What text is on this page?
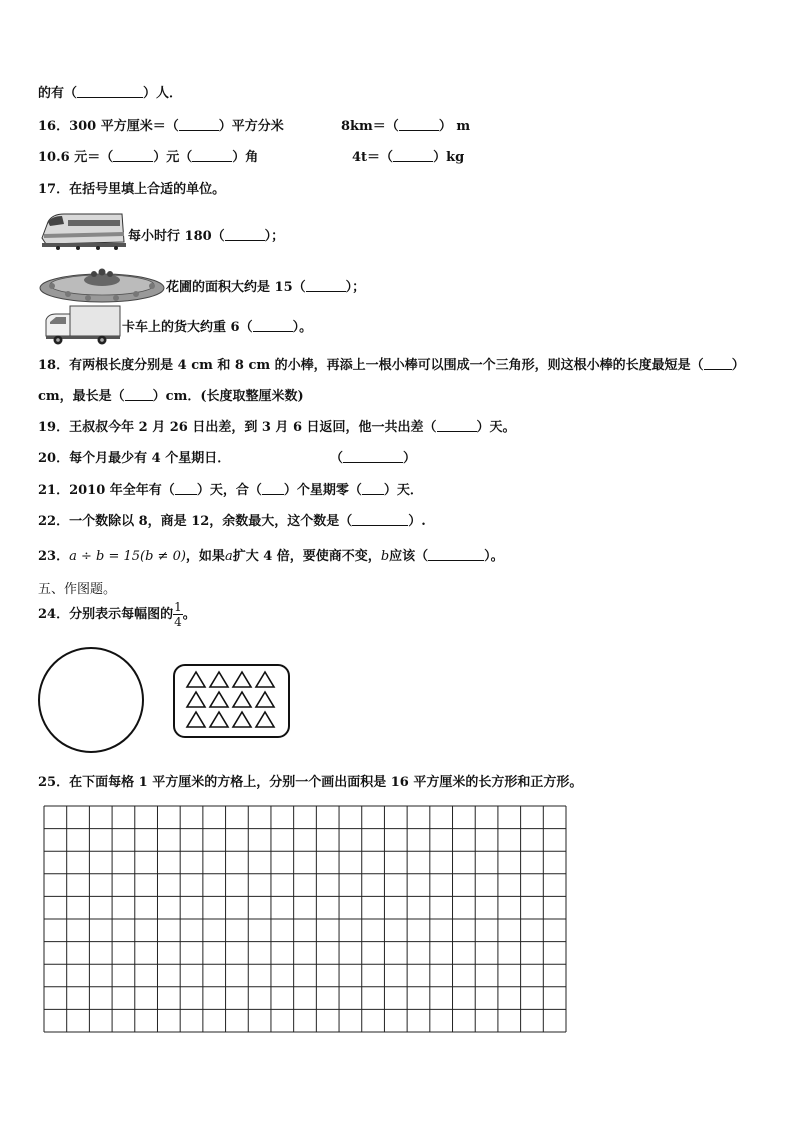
的有（	）人．
16．300 平方厘米＝（	）平方分米	8km＝（	） m
10.6 元＝（	）元（	）角	4t＝（	）kg
17．在括号里填上合适的单位。
每小时行 180（	）；
花圃的面积大约是 15（	）；
卡车上的货大约重 6（	）。
18．有两根长度分别是 4 cm 和 8 cm 的小棒，再添上一根小棒可以围成一个三角形，则这根小棒的长度最短是（ ）
cm，最长是（ ）cm．(长度取整厘米数)
19．王叔叔今年 2 月 26 日出差，到 3 月 6 日返回，他一共出差（	）天。
20．每个月最少有 4 个星期日．	（	）
21．2010 年全年有（ ）天，合（ ）个星期零（ ）天．
22．一个数除以 8，商是 12，余数最大，这个数是（	）.
23．a ÷ b = 15(b ≠ 0)，如果a扩大 4 倍，要使商不变，b应该（	）。
五、作图题。
24．分别表示每幅图的 $\frac{1}{4}$ 。
25．在下面每格 1 平方厘米的方格上，分别一个画出面积是 16 平方厘米的长方形和正方形。
